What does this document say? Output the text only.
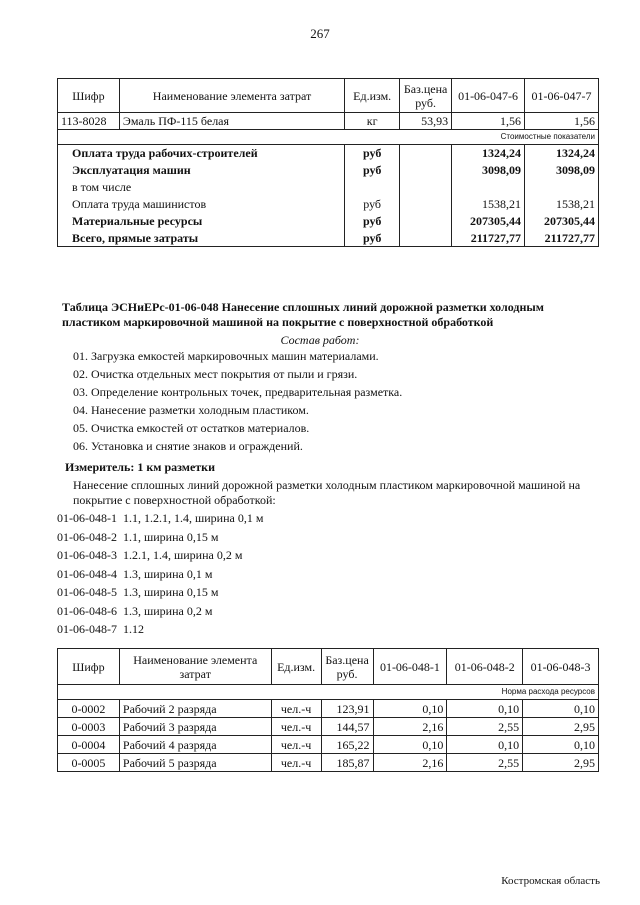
267
Шифр	Наименование элемента затрат	Ед.изм.	Баз.цена руб.	01-06-047-6	01-06-047-7
113-8028	Эмаль ПФ-115 белая	кг	53,93	1,56	1,56
Стоимостные показатели					
Оплата труда рабочих-строителей		руб		1324,24	1324,24
Эксплуатация машин		руб		3098,09	3098,09
в том числе					
Оплата труда машинистов		руб		1538,21	1538,21
Материальные ресурсы		руб		207305,44	207305,44
Всего, прямые затраты		руб		211727,77	211727,77
Таблица ЭСНиЕРс-01-06-048 Нанесение сплошных линий дорожной разметки холодным пластиком маркировочной машиной на покрытие с поверхностной обработкой
Состав работ:
01. Загрузка емкостей маркировочных машин материалами.
02. Очистка отдельных мест покрытия от пыли и грязи.
03. Определение контрольных точек, предварительная разметка.
04. Нанесение разметки холодным пластиком.
05. Очистка емкостей от остатков материалов.
06. Установка и снятие знаков и ограждений.
Измеритель: 1 км разметки
Нанесение сплошных линий дорожной разметки холодным пластиком маркировочной машиной на покрытие с поверхностной обработкой:
01-06-048-1 1.1, 1.2.1, 1.4, ширина 0,1 м
01-06-048-2 1.1, ширина 0,15 м
01-06-048-3 1.2.1, 1.4, ширина 0,2 м
01-06-048-4 1.3, ширина 0,1 м
01-06-048-5 1.3, ширина 0,15 м
01-06-048-6 1.3, ширина 0,2 м
01-06-048-7 1.12
Шифр	Наименование элемента затрат	Ед.изм.	Баз.цена руб.	01-06-048-1	01-06-048-2	01-06-048-3
Норма расхода ресурсов						
0-0002	Рабочий 2 разряда	чел.-ч	123,91	0,10	0,10	0,10
0-0003	Рабочий 3 разряда	чел.-ч	144,57	2,16	2,55	2,95
0-0004	Рабочий 4 разряда	чел.-ч	165,22	0,10	0,10	0,10
0-0005	Рабочий 5 разряда	чел.-ч	185,87	2,16	2,55	2,95
Костромская область
